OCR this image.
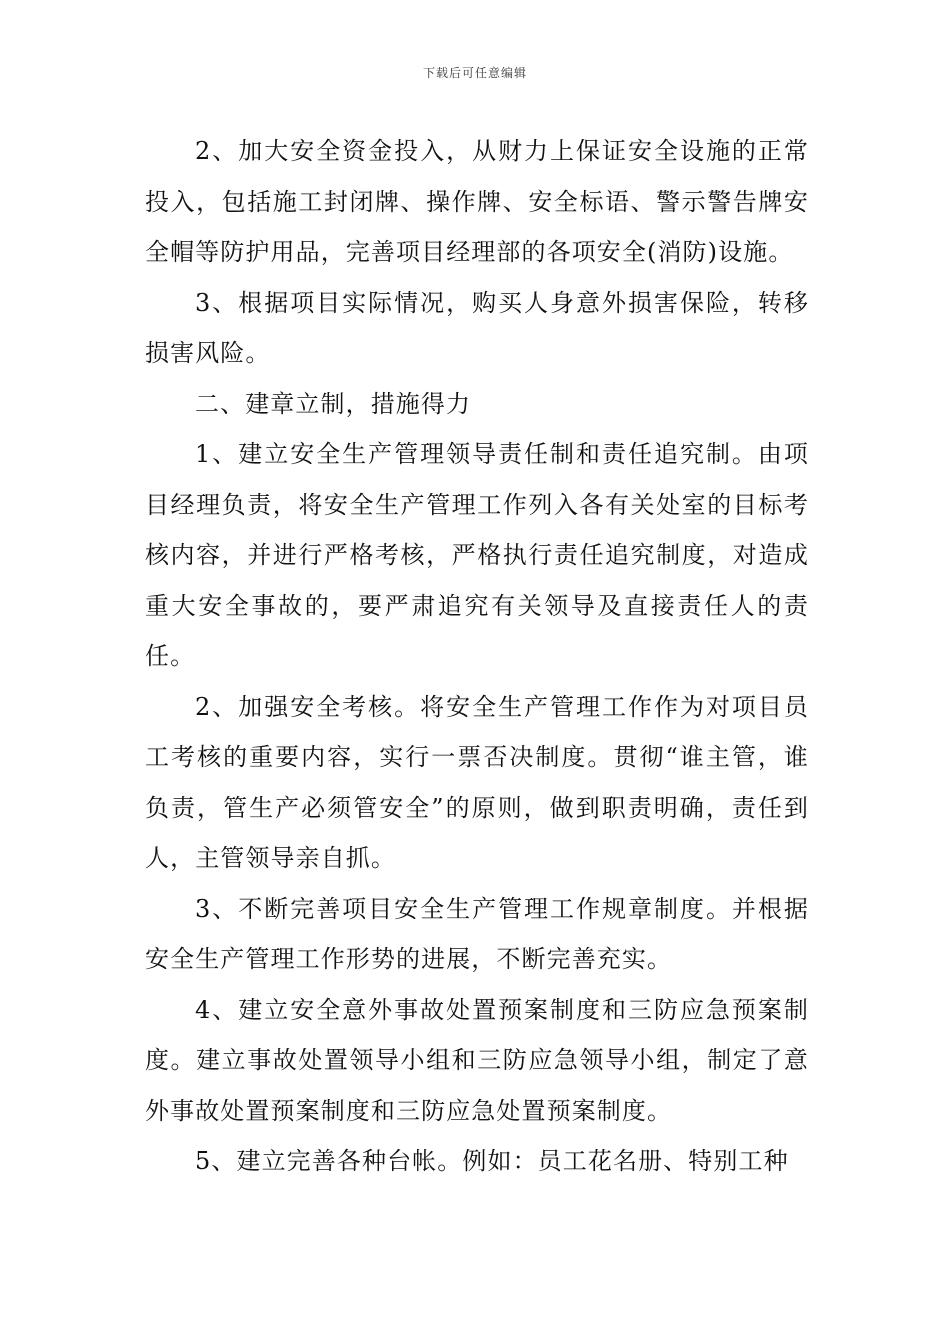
下载后可任意编辑

2、加大安全资金投入，从财力上保证安全设施的正常投入，包括施工封闭牌、操作牌、安全标语、警示警告牌安全帽等防护用品，完善项目经理部的各项安全(消防)设施。

3、根据项目实际情况，购买人身意外损害保险，转移损害风险。

二、建章立制，措施得力

1、建立安全生产管理领导责任制和责任追究制。由项目经理负责，将安全生产管理工作列入各有关处室的目标考核内容，并进行严格考核，严格执行责任追究制度，对造成重大安全事故的，要严肃追究有关领导及直接责任人的责任。

2、加强安全考核。将安全生产管理工作作为对项目员工考核的重要内容，实行一票否决制度。贯彻“谁主管，谁负责，管生产必须管安全”的原则，做到职责明确，责任到人，主管领导亲自抓。

3、不断完善项目安全生产管理工作规章制度。并根据安全生产管理工作形势的进展，不断完善充实。

4、建立安全意外事故处置预案制度和三防应急预案制度。建立事故处置领导小组和三防应急领导小组，制定了意外事故处置预案制度和三防应急处置预案制度。

5、建立完善各种台帐。例如：员工花名册、特别工种
